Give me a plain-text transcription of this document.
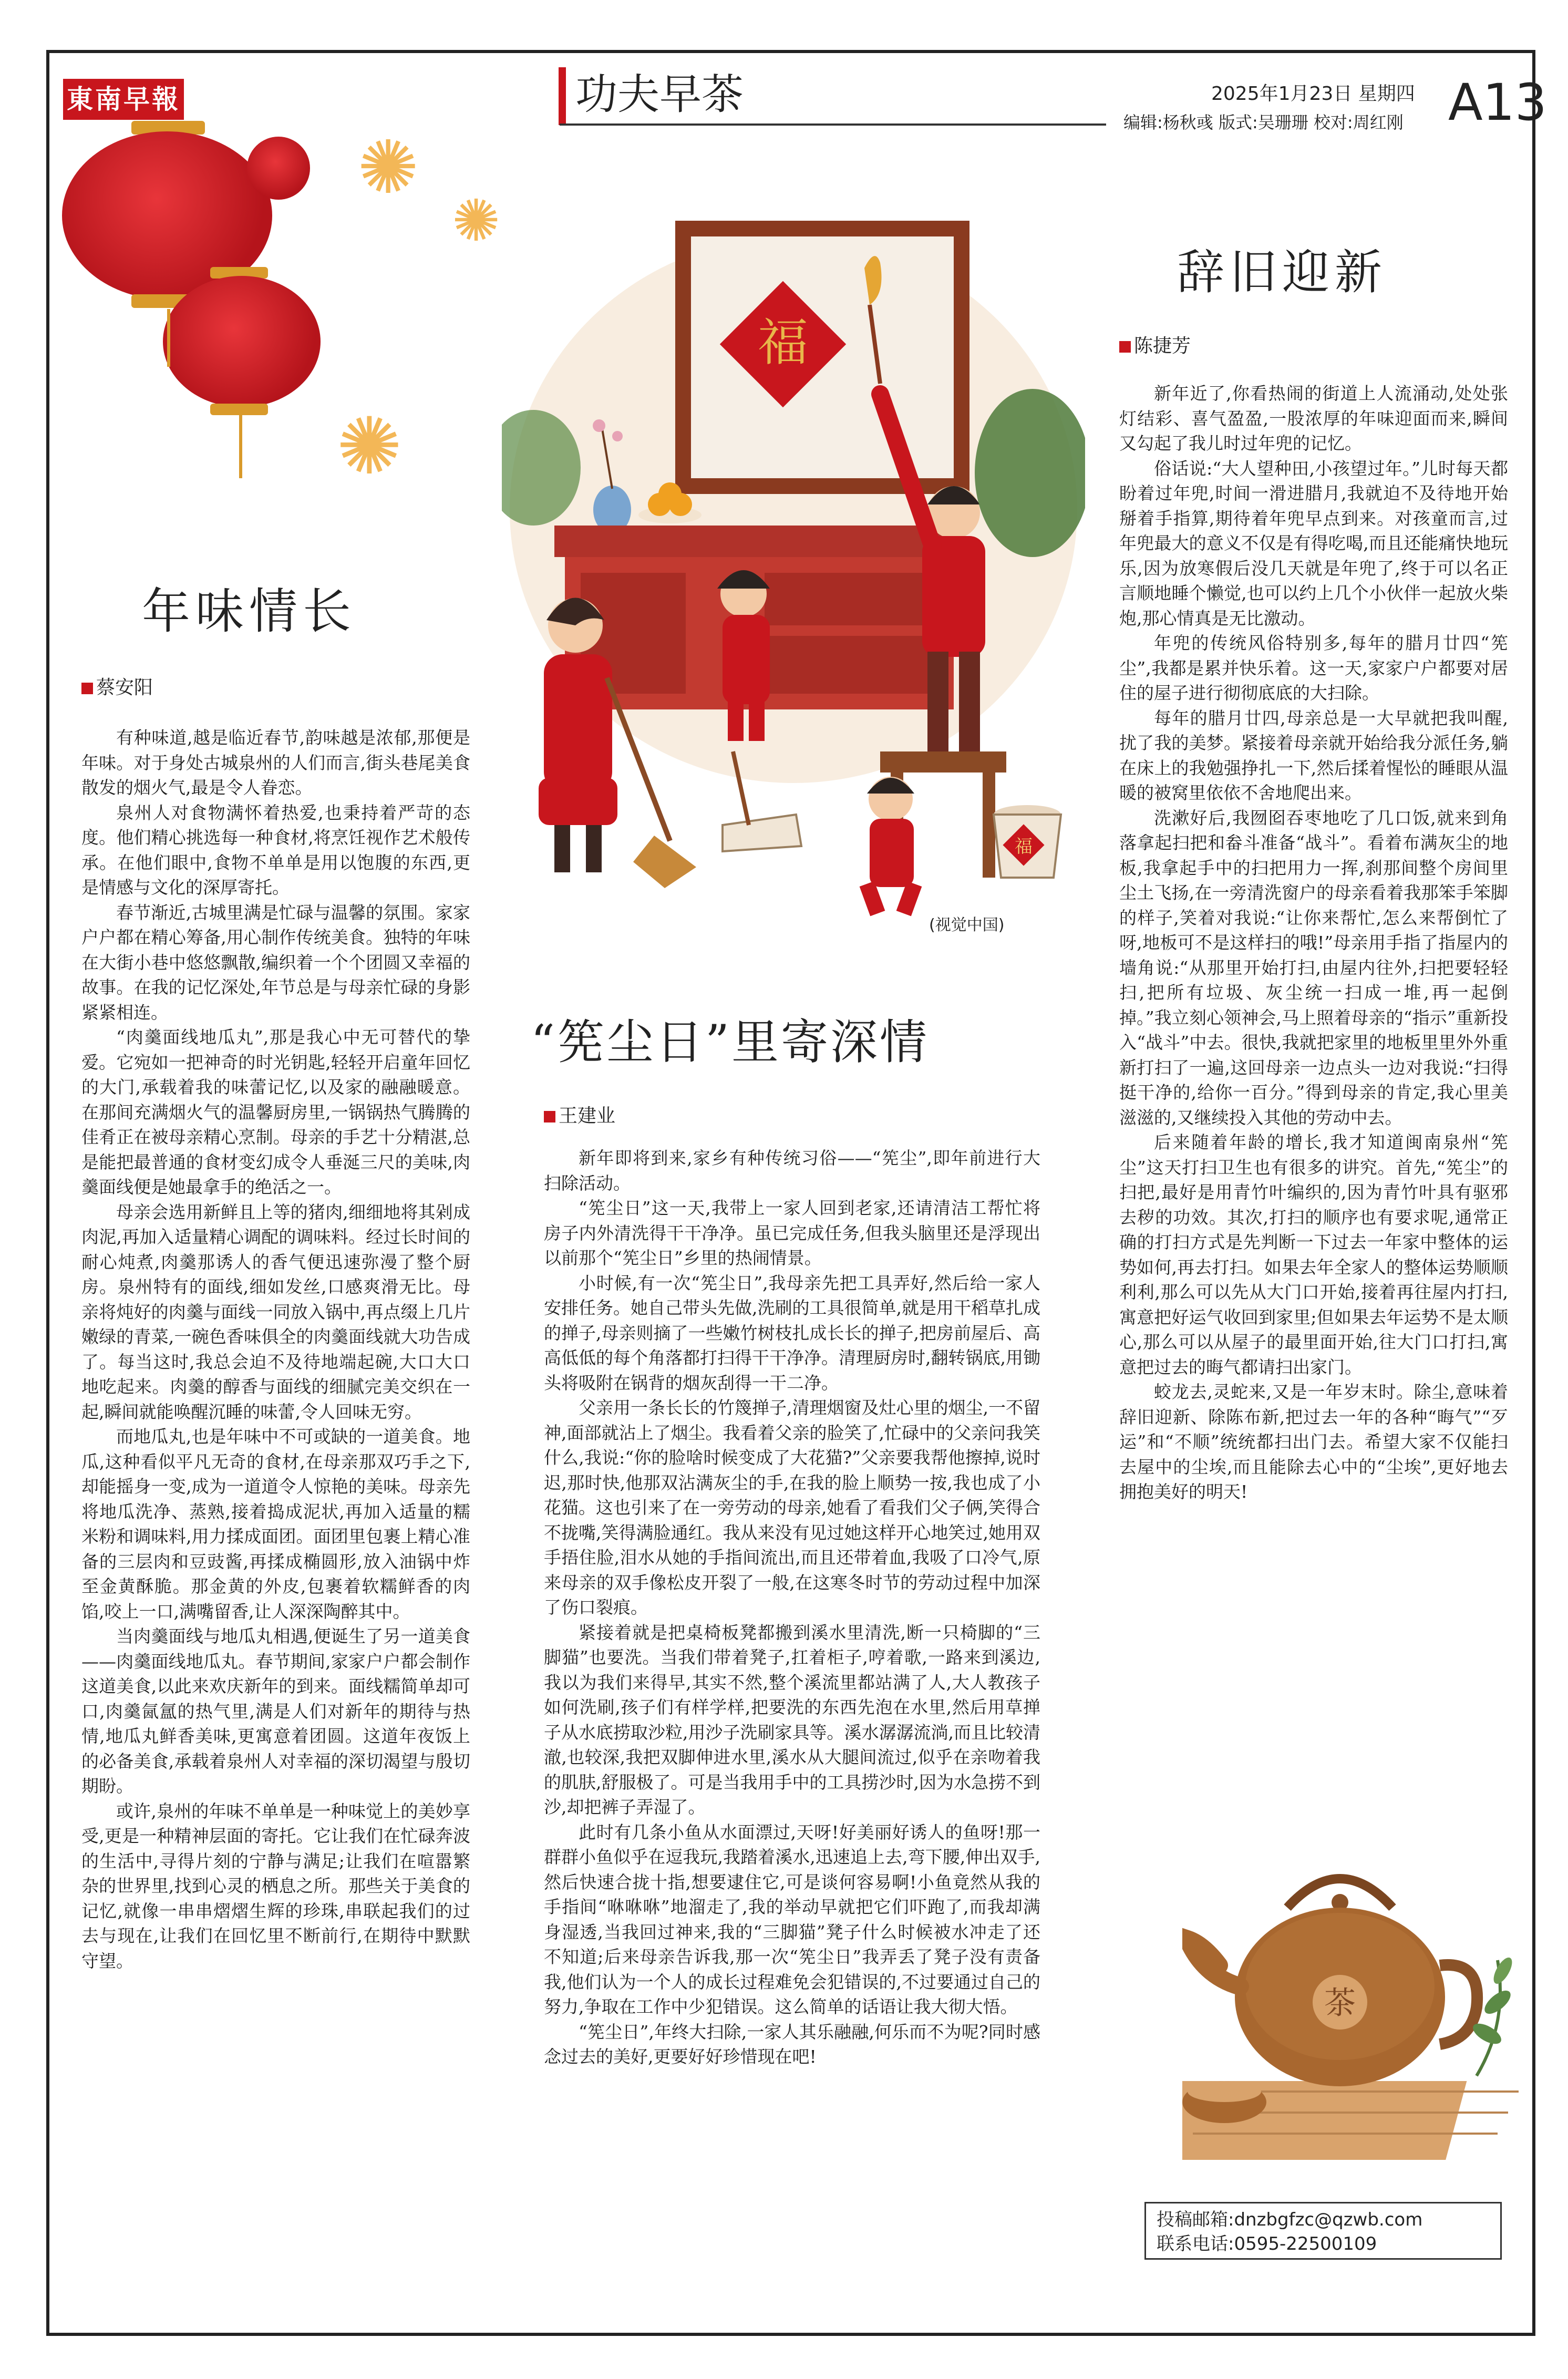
東南早報	功夫早茶	2025年1月23日 星期四
编辑:杨秋彧 版式:吴珊珊 校对:周红刚 A13
✺
✺
✺
年味情长
蔡安阳

有种味道,越是临近春节,韵味越是浓郁,那便是年味。对于身处古城泉州的人们而言,街头巷尾美食散发的烟火气,最是令人眷恋。

泉州人对食物满怀着热爱,也秉持着严苛的态度。他们精心挑选每一种食材,将烹饪视作艺术般传承。在他们眼中,食物不单单是用以饱腹的东西,更是情感与文化的深厚寄托。

春节渐近,古城里满是忙碌与温馨的氛围。家家户户都在精心筹备,用心制作传统美食。独特的年味在大街小巷中悠悠飘散,编织着一个个团圆又幸福的故事。在我的记忆深处,年节总是与母亲忙碌的身影紧紧相连。

“肉羹面线地瓜丸”,那是我心中无可替代的挚爱。它宛如一把神奇的时光钥匙,轻轻开启童年回忆的大门,承载着我的味蕾记忆,以及家的融融暖意。在那间充满烟火气的温馨厨房里,一锅锅热气腾腾的佳肴正在被母亲精心烹制。母亲的手艺十分精湛,总是能把最普通的食材变幻成令人垂涎三尺的美味,肉羹面线便是她最拿手的绝活之一。

母亲会选用新鲜且上等的猪肉,细细地将其剁成肉泥,再加入适量精心调配的调味料。经过长时间的耐心炖煮,肉羹那诱人的香气便迅速弥漫了整个厨房。泉州特有的面线,细如发丝,口感爽滑无比。母亲将炖好的肉羹与面线一同放入锅中,再点缀上几片嫩绿的青菜,一碗色香味俱全的肉羹面线就大功告成了。每当这时,我总会迫不及待地端起碗,大口大口地吃起来。肉羹的醇香与面线的细腻完美交织在一起,瞬间就能唤醒沉睡的味蕾,令人回味无穷。

而地瓜丸,也是年味中不可或缺的一道美食。地瓜,这种看似平凡无奇的食材,在母亲那双巧手之下,却能摇身一变,成为一道道令人惊艳的美味。母亲先将地瓜洗净、蒸熟,接着捣成泥状,再加入适量的糯米粉和调味料,用力揉成面团。面团里包裹上精心准备的三层肉和豆豉酱,再揉成椭圆形,放入油锅中炸至金黄酥脆。那金黄的外皮,包裹着软糯鲜香的肉馅,咬上一口,满嘴留香,让人深深陶醉其中。

当肉羹面线与地瓜丸相遇,便诞生了另一道美食——肉羹面线地瓜丸。春节期间,家家户户都会制作这道美食,以此来欢庆新年的到来。面线糯简单却可口,肉羹氤氲的热气里,满是人们对新年的期待与热情,地瓜丸鲜香美味,更寓意着团圆。这道年夜饭上的必备美食,承载着泉州人对幸福的深切渴望与殷切期盼。

或许,泉州的年味不单单是一种味觉上的美妙享受,更是一种精神层面的寄托。它让我们在忙碌奔波的生活中,寻得片刻的宁静与满足;让我们在喧嚣繁杂的世界里,找到心灵的栖息之所。那些关于美食的记忆,就像一串串熠熠生辉的珍珠,串联起我们的过去与现在,让我们在回忆里不断前行,在期待中默默守望。

福
福
(视觉中国)
“筅尘日”里寄深情
王建业

新年即将到来,家乡有种传统习俗——“筅尘”,即年前进行大扫除活动。

“筅尘日”这一天,我带上一家人回到老家,还请清洁工帮忙将房子内外清洗得干干净净。虽已完成任务,但我头脑里还是浮现出以前那个“筅尘日”乡里的热闹情景。

小时候,有一次“筅尘日”,我母亲先把工具弄好,然后给一家人安排任务。她自己带头先做,洗刷的工具很简单,就是用干稻草扎成的掸子,母亲则摘了一些嫩竹树枝扎成长长的掸子,把房前屋后、高高低低的每个角落都打扫得干干净净。清理厨房时,翻转锅底,用锄头将吸附在锅背的烟灰刮得一干二净。

父亲用一条长长的竹篾掸子,清理烟窗及灶心里的烟尘,一不留神,面部就沾上了烟尘。我看着父亲的脸笑了,忙碌中的父亲问我笑什么,我说:“你的脸啥时候变成了大花猫?”父亲要我帮他擦掉,说时迟,那时快,他那双沾满灰尘的手,在我的脸上顺势一按,我也成了小花猫。这也引来了在一旁劳动的母亲,她看了看我们父子俩,笑得合不拢嘴,笑得满脸通红。我从来没有见过她这样开心地笑过,她用双手捂住脸,泪水从她的手指间流出,而且还带着血,我吸了口冷气,原来母亲的双手像松皮开裂了一般,在这寒冬时节的劳动过程中加深了伤口裂痕。

紧接着就是把桌椅板凳都搬到溪水里清洗,断一只椅脚的“三脚猫”也要洗。当我们带着凳子,扛着柜子,哼着歌,一路来到溪边,我以为我们来得早,其实不然,整个溪流里都站满了人,大人教孩子如何洗刷,孩子们有样学样,把要洗的东西先泡在水里,然后用草掸子从水底捞取沙粒,用沙子洗刷家具等。溪水潺潺流淌,而且比较清澈,也较深,我把双脚伸进水里,溪水从大腿间流过,似乎在亲吻着我的肌肤,舒服极了。可是当我用手中的工具捞沙时,因为水急捞不到沙,却把裤子弄湿了。

此时有几条小鱼从水面漂过,天呀!好美丽好诱人的鱼呀!那一群群小鱼似乎在逗我玩,我踏着溪水,迅速追上去,弯下腰,伸出双手,然后快速合拢十指,想要逮住它,可是谈何容易啊!小鱼竟然从我的手指间“咻咻咻”地溜走了,我的举动早就把它们吓跑了,而我却满身湿透,当我回过神来,我的“三脚猫”凳子什么时候被水冲走了还不知道;后来母亲告诉我,那一次“筅尘日”我弄丢了凳子没有责备我,他们认为一个人的成长过程难免会犯错误的,不过要通过自己的努力,争取在工作中少犯错误。这么简单的话语让我大彻大悟。

“筅尘日”,年终大扫除,一家人其乐融融,何乐而不为呢?同时感念过去的美好,更要好好珍惜现在吧!

辞旧迎新
陈捷芳

新年近了,你看热闹的街道上人流涌动,处处张灯结彩、喜气盈盈,一股浓厚的年味迎面而来,瞬间又勾起了我儿时过年兜的记忆。

俗话说:“大人望种田,小孩望过年。”儿时每天都盼着过年兜,时间一滑进腊月,我就迫不及待地开始掰着手指算,期待着年兜早点到来。对孩童而言,过年兜最大的意义不仅是有得吃喝,而且还能痛快地玩乐,因为放寒假后没几天就是年兜了,终于可以名正言顺地睡个懒觉,也可以约上几个小伙伴一起放火柴炮,那心情真是无比激动。

年兜的传统风俗特别多,每年的腊月廿四“筅尘”,我都是累并快乐着。这一天,家家户户都要对居住的屋子进行彻彻底底的大扫除。

每年的腊月廿四,母亲总是一大早就把我叫醒,扰了我的美梦。紧接着母亲就开始给我分派任务,躺在床上的我勉强挣扎一下,然后揉着惺忪的睡眼从温暖的被窝里依依不舍地爬出来。

洗漱好后,我囫囵吞枣地吃了几口饭,就来到角落拿起扫把和畚斗准备“战斗”。看着布满灰尘的地板,我拿起手中的扫把用力一挥,刹那间整个房间里尘土飞扬,在一旁清洗窗户的母亲看着我那笨手笨脚的样子,笑着对我说:“让你来帮忙,怎么来帮倒忙了呀,地板可不是这样扫的哦!”母亲用手指了指屋内的墙角说:“从那里开始打扫,由屋内往外,扫把要轻轻扫,把所有垃圾、灰尘统一扫成一堆,再一起倒掉。”我立刻心领神会,马上照着母亲的“指示”重新投入“战斗”中去。很快,我就把家里的地板里里外外重新打扫了一遍,这回母亲一边点头一边对我说:“扫得挺干净的,给你一百分。”得到母亲的肯定,我心里美滋滋的,又继续投入其他的劳动中去。

后来随着年龄的增长,我才知道闽南泉州“筅尘”这天打扫卫生也有很多的讲究。首先,“筅尘”的扫把,最好是用青竹叶编织的,因为青竹叶具有驱邪去秽的功效。其次,打扫的顺序也有要求呢,通常正确的打扫方式是先判断一下过去一年家中整体的运势如何,再去打扫。如果去年全家人的整体运势顺顺利利,那么可以先从大门口开始,接着再往屋内打扫,寓意把好运气收回到家里;但如果去年运势不是太顺心,那么可以从屋子的最里面开始,往大门口打扫,寓意把过去的晦气都请扫出家门。

蛟龙去,灵蛇来,又是一年岁末时。除尘,意味着辞旧迎新、除陈布新,把过去一年的各种“晦气”“歹运”和“不顺”统统都扫出门去。希望大家不仅能扫去屋中的尘埃,而且能除去心中的“尘埃”,更好地去拥抱美好的明天!

茶
投稿邮箱:dnzbgfzc@qzwb.com
联系电话:0595-22500109
